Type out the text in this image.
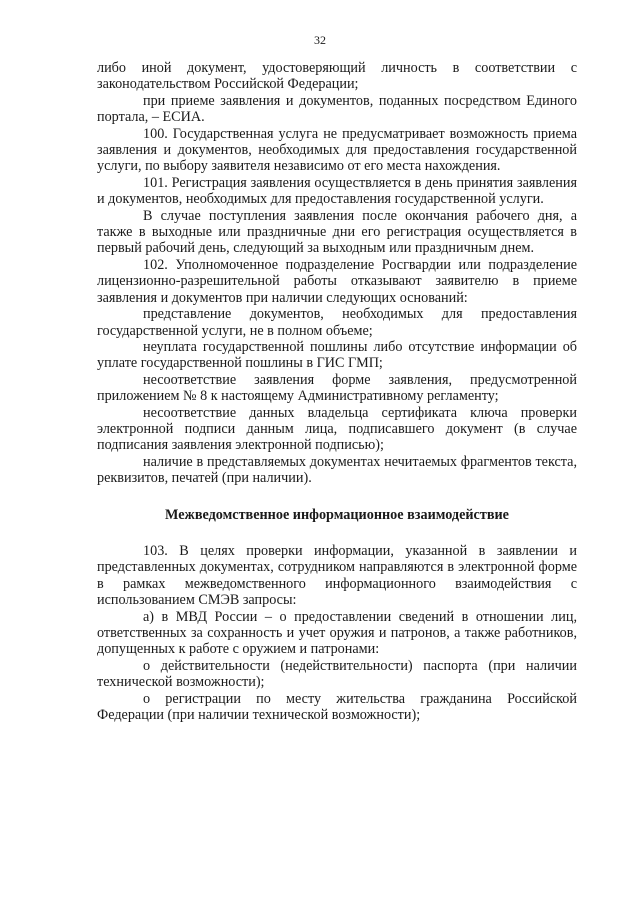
32

либо иной документ, удостоверяющий личность в соответствии с законодательством Российской Федерации;

при приеме заявления и документов, поданных посредством Единого портала, – ЕСИА.

100. Государственная услуга не предусматривает возможность приема заявления и документов, необходимых для предоставления государственной услуги, по выбору заявителя независимо от его места нахождения.

101. Регистрация заявления осуществляется в день принятия заявления и документов, необходимых для предоставления государственной услуги.

В случае поступления заявления после окончания рабочего дня, а также в выходные или праздничные дни его регистрация осуществляется в первый рабочий день, следующий за выходным или праздничным днем.

102. Уполномоченное подразделение Росгвардии или подразделение лицензионно-разрешительной работы отказывают заявителю в приеме заявления и документов при наличии следующих оснований:

представление документов, необходимых для предоставления государственной услуги, не в полном объеме;

неуплата государственной пошлины либо отсутствие информации об уплате государственной пошлины в ГИС ГМП;

несоответствие заявления форме заявления, предусмотренной приложением № 8 к настоящему Административному регламенту;

несоответствие данных владельца сертификата ключа проверки электронной подписи данным лица, подписавшего документ (в случае подписания заявления электронной подписью);

наличие в представляемых документах нечитаемых фрагментов текста, реквизитов, печатей (при наличии).

Межведомственное информационное взаимодействие

103. В целях проверки информации, указанной в заявлении и представленных документах, сотрудником направляются в электронной форме в рамках межведомственного информационного взаимодействия с использованием СМЭВ запросы:

а) в МВД России – о предоставлении сведений в отношении лиц, ответственных за сохранность и учет оружия и патронов, а также работников, допущенных к работе с оружием и патронами:

о действительности (недействительности) паспорта (при наличии технической возможности);

о регистрации по месту жительства гражданина Российской Федерации (при наличии технической возможности);
